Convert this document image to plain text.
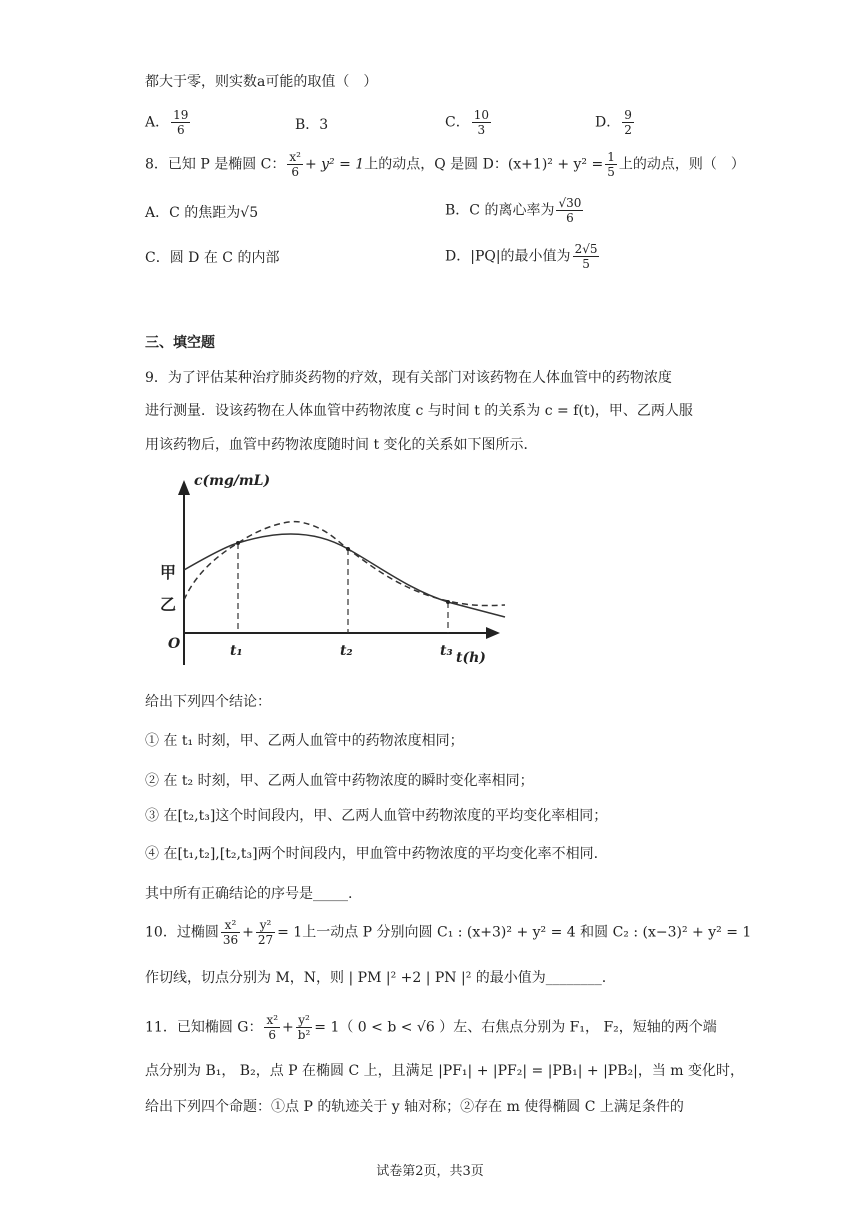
都大于零，则实数a可能的取值（　）
A． $\frac{19}{6}$	B．3	C． $\frac{10}{3}$	D． $\frac{9}{2}$
8．已知 P 是椭圆 C： $\frac{\text{x²}}{6} + y^2 = 1$上的动点，Q 是圆 D：$(x+1)^2 + y^2 = \frac{1}{5}$ 上的动点，则（　）
A．C 的焦距为√5	B．C 的离心率为 $\frac{√30}{6}$
C．圆 D 在 C 的内部	D．|PQ|的最小值为 $\frac{2√5}{5}$
三、填空题
9．为了评估某种治疗肺炎药物的疗效，现有关部门对该药物在人体血管中的药物浓度
进行测量．设该药物在人体血管中药物浓度 c 与时间 t 的关系为 c = f(t)，甲、乙两人服
用该药物后，血管中药物浓度随时间 t 变化的关系如下图所示．
c(mg/mL)
t(h)
O	t₁	t₂	t₃
甲
乙
给出下列四个结论：
① 在 t₁ 时刻，甲、乙两人血管中的药物浓度相同；
② 在 t₂ 时刻，甲、乙两人血管中药物浓度的瞬时变化率相同；
③ 在[t₂,t₃]这个时间段内，甲、乙两人血管中药物浓度的平均变化率相同；
④ 在[t₁,t₂],[t₂,t₃]两个时间段内，甲血管中药物浓度的平均变化率不相同.
其中所有正确结论的序号是_____.
10．过椭圆 $\frac{\text{x²}}{36} + \frac{\text{y²}}{27} = 1$上一动点 P 分别向圆 C₁ : (x+3)² + y² = 4 和圆 C₂ : (x−3)² + y² = 1
作切线，切点分别为 M，N，则 | PM |² +2 | PN |² 的最小值为________.
11．已知椭圆 G： $\frac{\text{x²}}{6} + \frac{\text{y²}}{\text{b²}} = 1$（ 0 < b < √6 ）左、右焦点分别为 F₁， F₂，短轴的两个端
点分别为 B₁， B₂，点 P 在椭圆 C 上，且满足 |PF₁| + |PF₂| = |PB₁| + |PB₂|，当 m 变化时，
给出下列四个命题：①点 P 的轨迹关于 y 轴对称；②存在 m 使得椭圆 C 上满足条件的
试卷第2页，共3页
